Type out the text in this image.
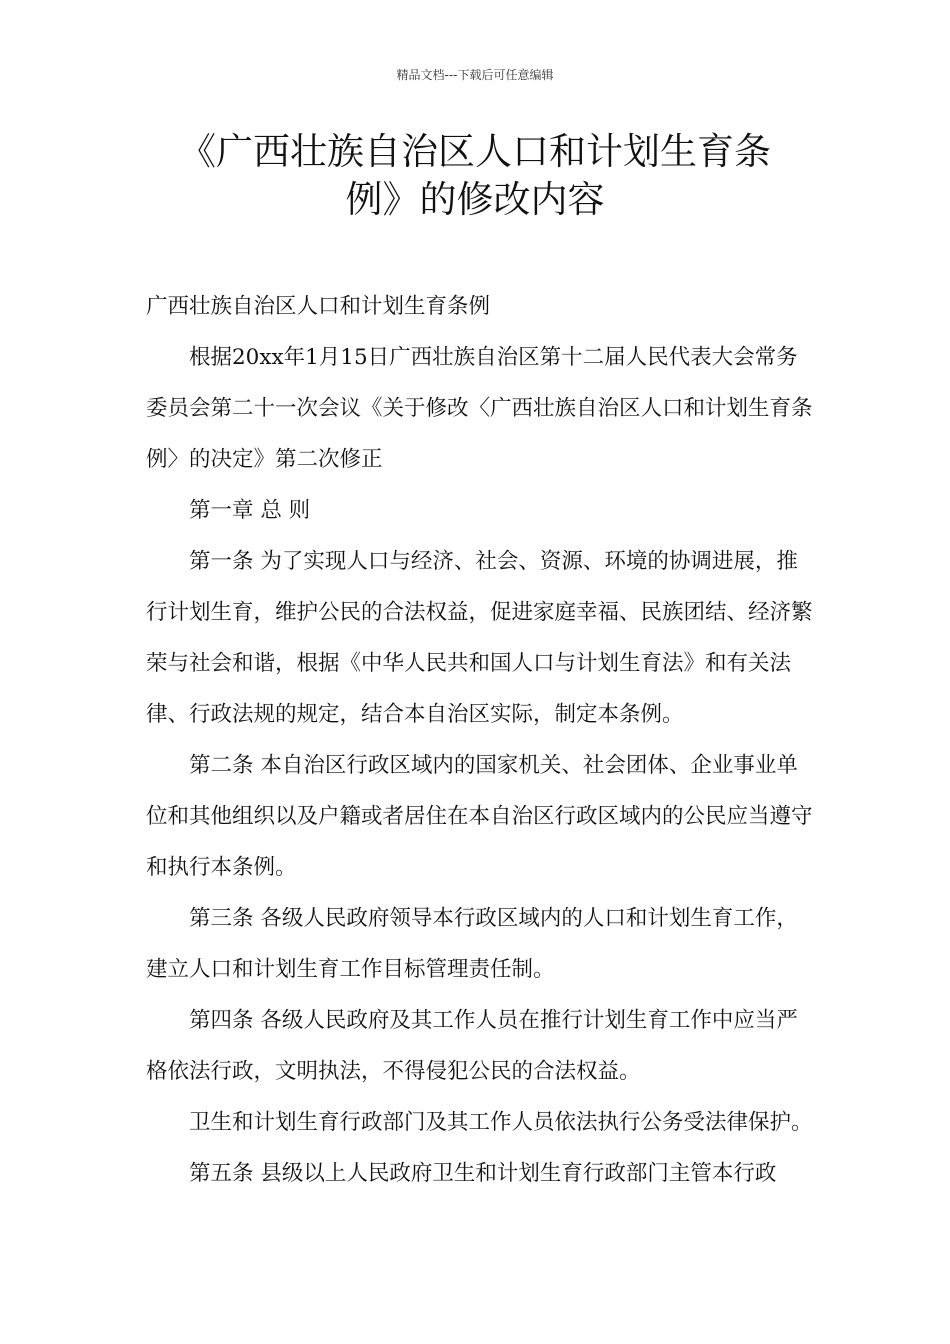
精品文档---下载后可任意编辑
《广西壮族自治区人口和计划生育条
例》的修改内容

广西壮族自治区人口和计划生育条例

根据20xx年1月15日广西壮族自治区第十二届人民代表大会常务委员会第二十一次会议《关于修改〈广西壮族自治区人口和计划生育条例〉的决定》第二次修正

第一章 总 则

第一条 为了实现人口与经济、社会、资源、环境的协调进展，推行计划生育，维护公民的合法权益，促进家庭幸福、民族团结、经济繁荣与社会和谐，根据《中华人民共和国人口与计划生育法》和有关法律、行政法规的规定，结合本自治区实际，制定本条例。

第二条 本自治区行政区域内的国家机关、社会团体、企业事业单位和其他组织以及户籍或者居住在本自治区行政区域内的公民应当遵守和执行本条例。

第三条 各级人民政府领导本行政区域内的人口和计划生育工作，建立人口和计划生育工作目标管理责任制。

第四条 各级人民政府及其工作人员在推行计划生育工作中应当严格依法行政，文明执法，不得侵犯公民的合法权益。

卫生和计划生育行政部门及其工作人员依法执行公务受法律保护。

第五条 县级以上人民政府卫生和计划生育行政部门主管本行政
